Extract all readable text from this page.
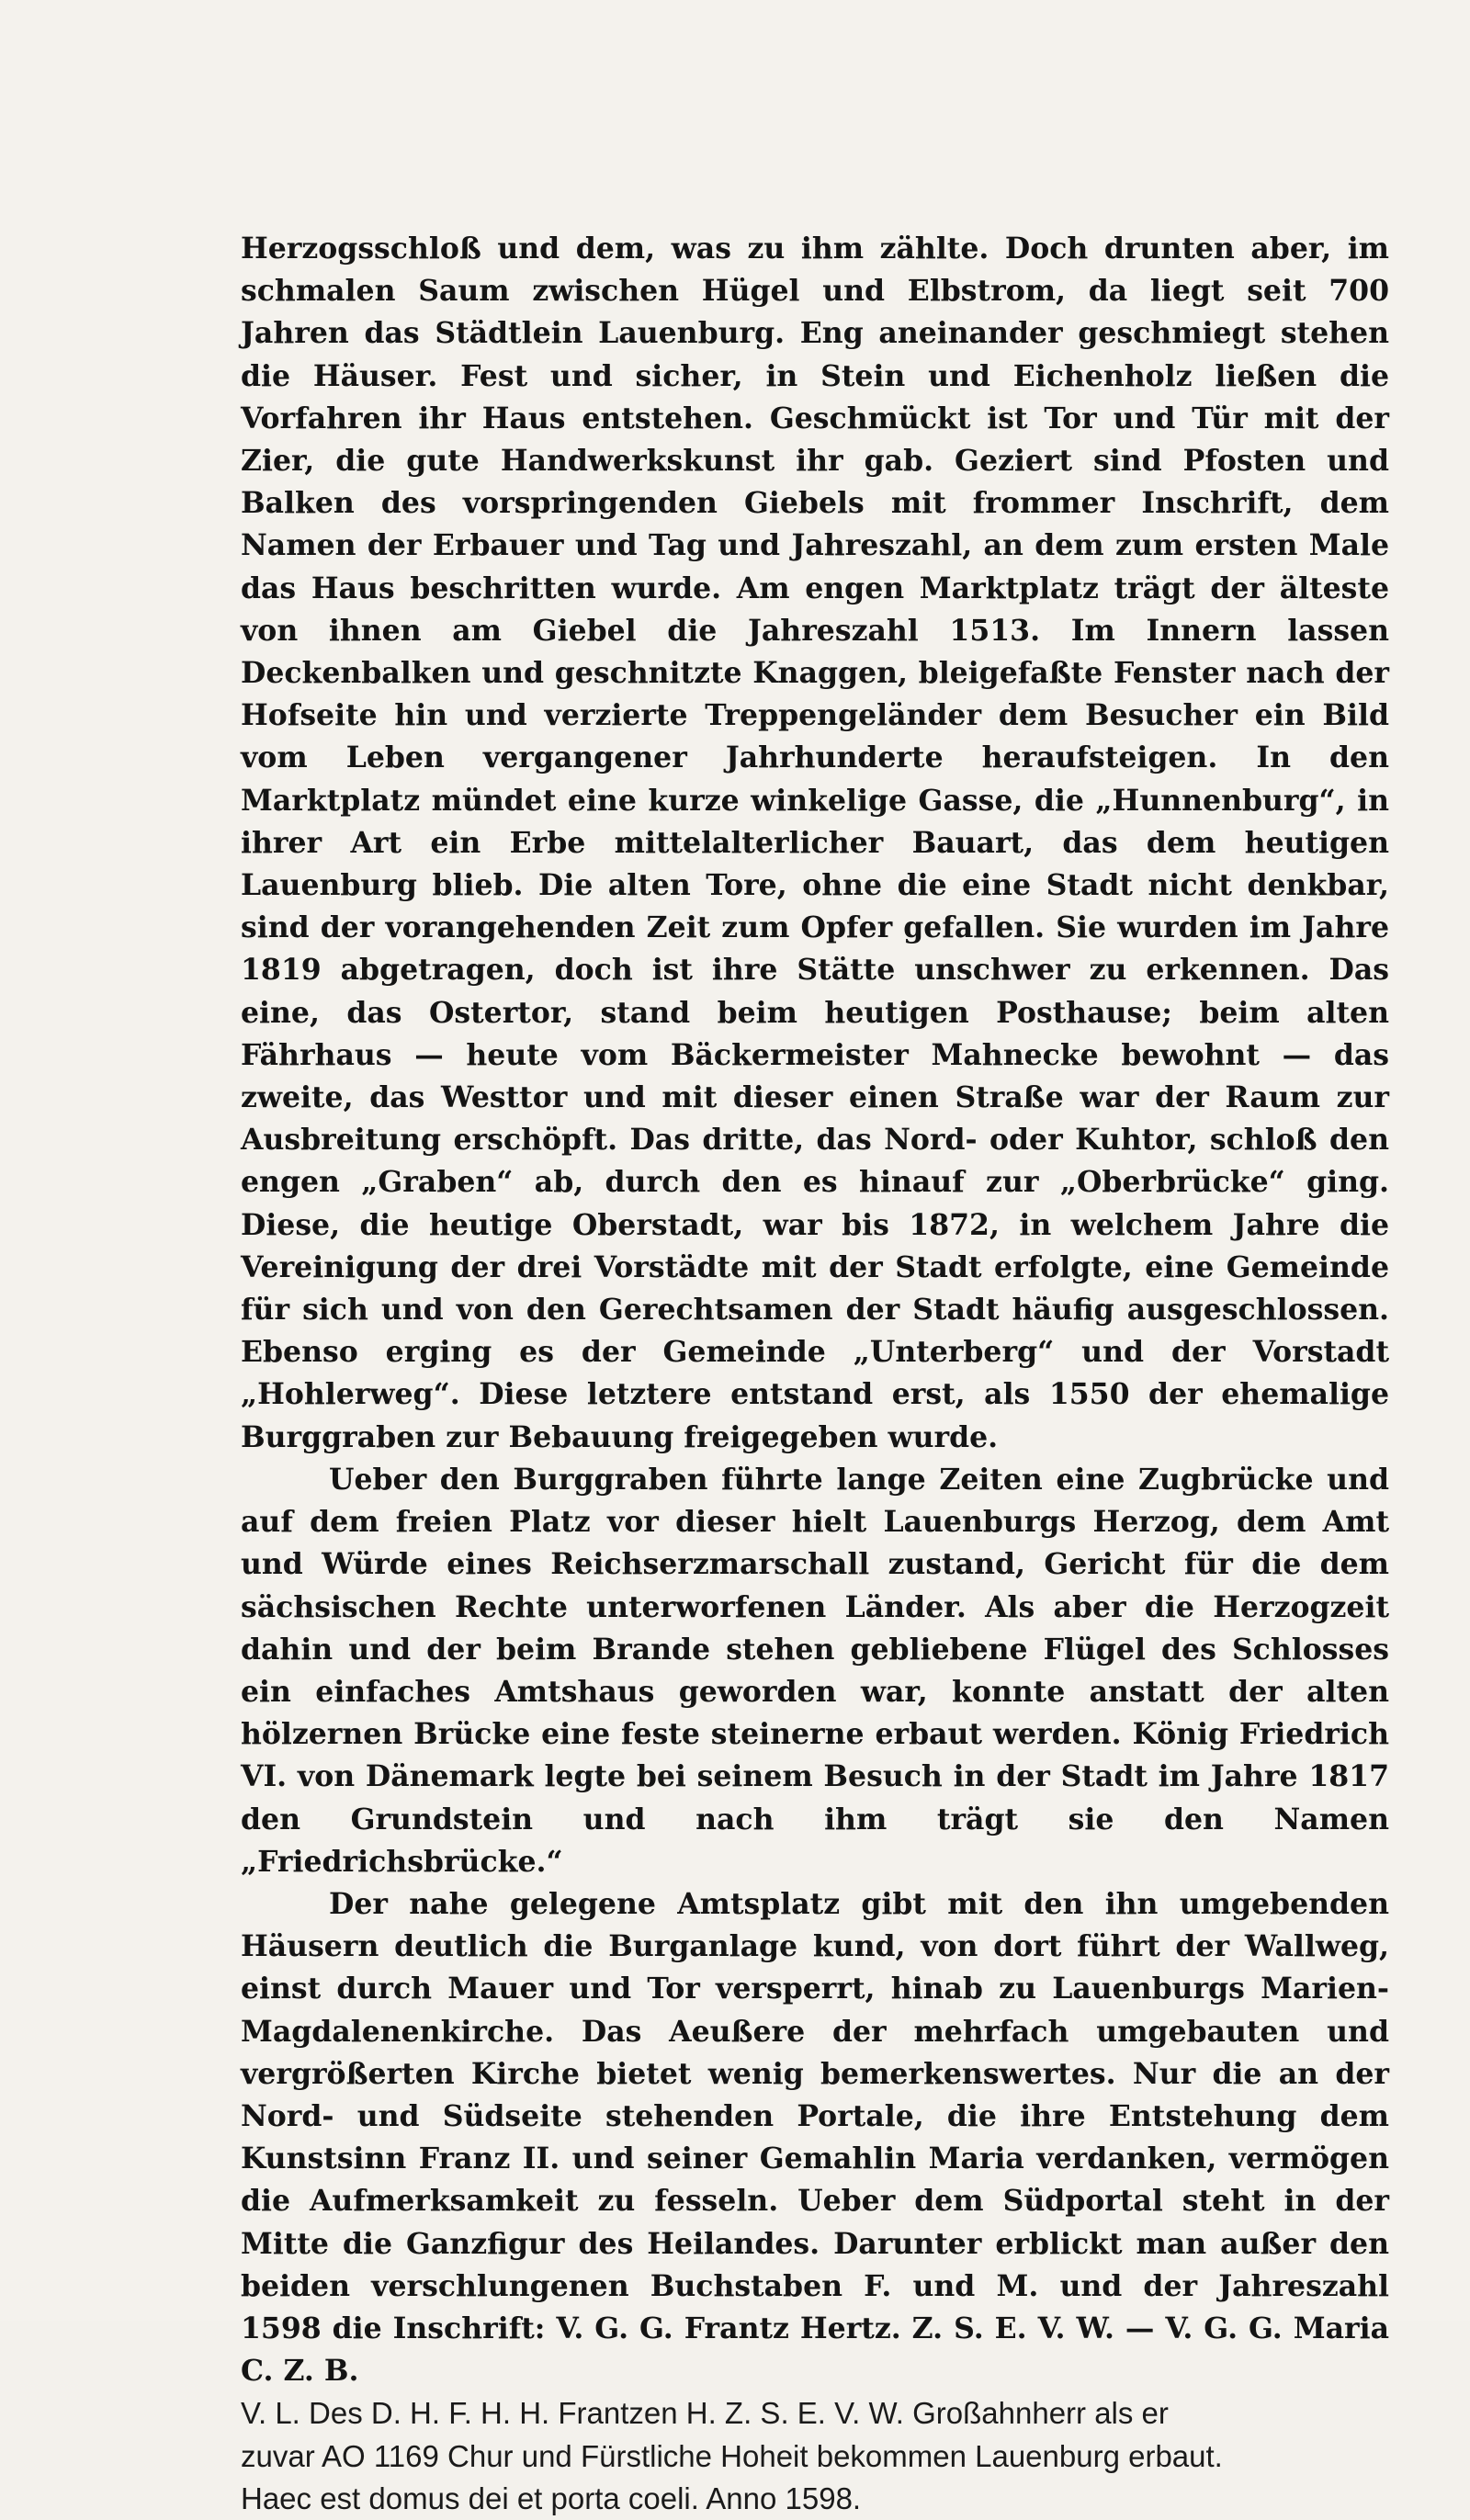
Herzogsschloß und dem, was zu ihm zählte. Doch drunten aber, im schmalen Saum zwischen Hügel und Elbstrom, da liegt seit 700 Jahren das Städtlein Lauenburg. Eng aneinander geschmiegt stehen die Häuser. Fest und sicher, in Stein und Eichenholz ließen die Vorfahren ihr Haus entstehen. Geschmückt ist Tor und Tür mit der Zier, die gute Handwerkskunst ihr gab. Geziert sind Pfosten und Balken des vorspringenden Giebels mit frommer Inschrift, dem Namen der Erbauer und Tag und Jahreszahl, an dem zum ersten Male das Haus beschritten wurde. Am engen Marktplatz trägt der älteste von ihnen am Giebel die Jahreszahl 1513. Im Innern lassen Deckenbalken und geschnitzte Knaggen, bleigefaßte Fenster nach der Hofseite hin und verzierte Treppengeländer dem Besucher ein Bild vom Leben vergangener Jahrhunderte heraufsteigen. In den Marktplatz mündet eine kurze winkelige Gasse, die „Hunnenburg“, in ihrer Art ein Erbe mittelalterlicher Bauart, das dem heutigen Lauenburg blieb. Die alten Tore, ohne die eine Stadt nicht denkbar, sind der vorangehenden Zeit zum Opfer gefallen. Sie wurden im Jahre 1819 abgetragen, doch ist ihre Stätte unschwer zu erkennen. Das eine, das Ostertor, stand beim heutigen Posthause; beim alten Fährhaus — heute vom Bäckermeister Mahnecke bewohnt — das zweite, das Westtor und mit dieser einen Straße war der Raum zur Ausbreitung erschöpft. Das dritte, das Nord- oder Kuhtor, schloß den engen „Graben“ ab, durch den es hinauf zur „Oberbrücke“ ging. Diese, die heutige Oberstadt, war bis 1872, in welchem Jahre die Vereinigung der drei Vorstädte mit der Stadt erfolgte, eine Gemeinde für sich und von den Gerechtsamen der Stadt häufig ausgeschlossen. Ebenso erging es der Gemeinde „Unterberg“ und der Vorstadt „Hohlerweg“. Diese letztere entstand erst, als 1550 der ehemalige Burggraben zur Bebauung freigegeben wurde.

Ueber den Burggraben führte lange Zeiten eine Zugbrücke und auf dem freien Platz vor dieser hielt Lauenburgs Herzog, dem Amt und Würde eines Reichserzmarschall zustand, Gericht für die dem sächsischen Rechte unterworfenen Länder. Als aber die Herzogzeit dahin und der beim Brande stehen gebliebene Flügel des Schlosses ein einfaches Amtshaus geworden war, konnte anstatt der alten hölzernen Brücke eine feste steinerne erbaut werden. König Friedrich VI. von Dänemark legte bei seinem Besuch in der Stadt im Jahre 1817 den Grundstein und nach ihm trägt sie den Namen „Friedrichsbrücke.“

Der nahe gelegene Amtsplatz gibt mit den ihn umgebenden Häusern deutlich die Burganlage kund, von dort führt der Wallweg, einst durch Mauer und Tor versperrt, hinab zu Lauenburgs Marien-Magdalenenkirche. Das Aeußere der mehrfach umgebauten und vergrößerten Kirche bietet wenig bemerkenswertes. Nur die an der Nord- und Südseite stehenden Portale, die ihre Entstehung dem Kunstsinn Franz II. und seiner Gemahlin Maria verdanken, vermögen die Aufmerksamkeit zu fesseln. Ueber dem Südportal steht in der Mitte die Ganzfigur des Heilandes. Darunter erblickt man außer den beiden verschlungenen Buchstaben F. und M. und der Jahreszahl 1598 die Inschrift: V. G. G. Frantz Hertz. Z. S. E. V. W. — V. G. G. Maria C. Z. B.

V. L. Des D. H. F. H. H. Frantzen H. Z. S. E. V. W. Großahnherr als er
zuvar AO 1169 Chur und Fürstliche Hoheit bekommen Lauenburg erbaut.
Haec est domus dei et porta coeli. Anno 1598.
